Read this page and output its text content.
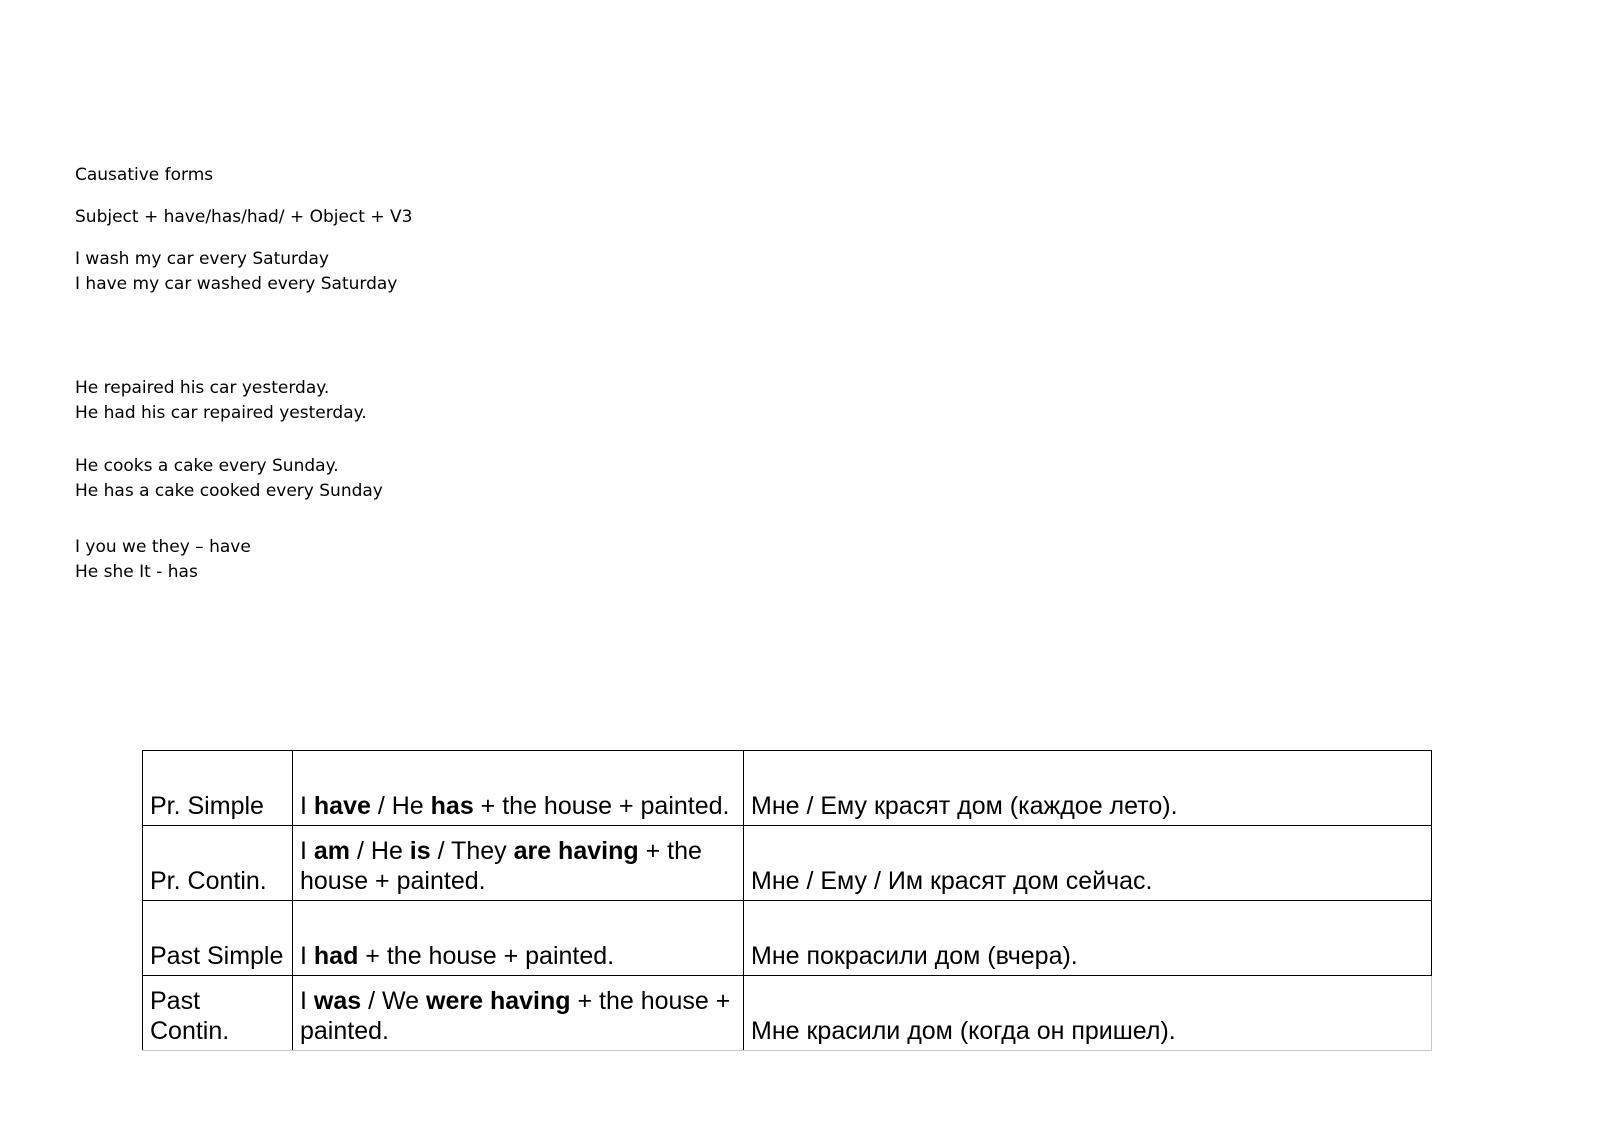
Causative forms
Subject + have/has/had/ + Object + V3
I wash my car every Saturday
I have my car washed every Saturday
He repaired his car yesterday.
He had his car repaired yesterday.
He cooks a cake every Sunday.
He has a cake cooked every Sunday
I you we they – have
He she It - has
Pr. Simple	I have / He has + the house + painted.	Мне / Ему красят дом (каждое лето).
Pr. Contin.	I am / He is / They are having + the house + painted.	Мне / Ему / Им красят дом сейчас.
Past Simple	I had + the house + painted.	Мне покрасили дом (вчера).
Past Contin.	I was / We were having + the house + painted.	Мне красили дом (когда он пришел).
